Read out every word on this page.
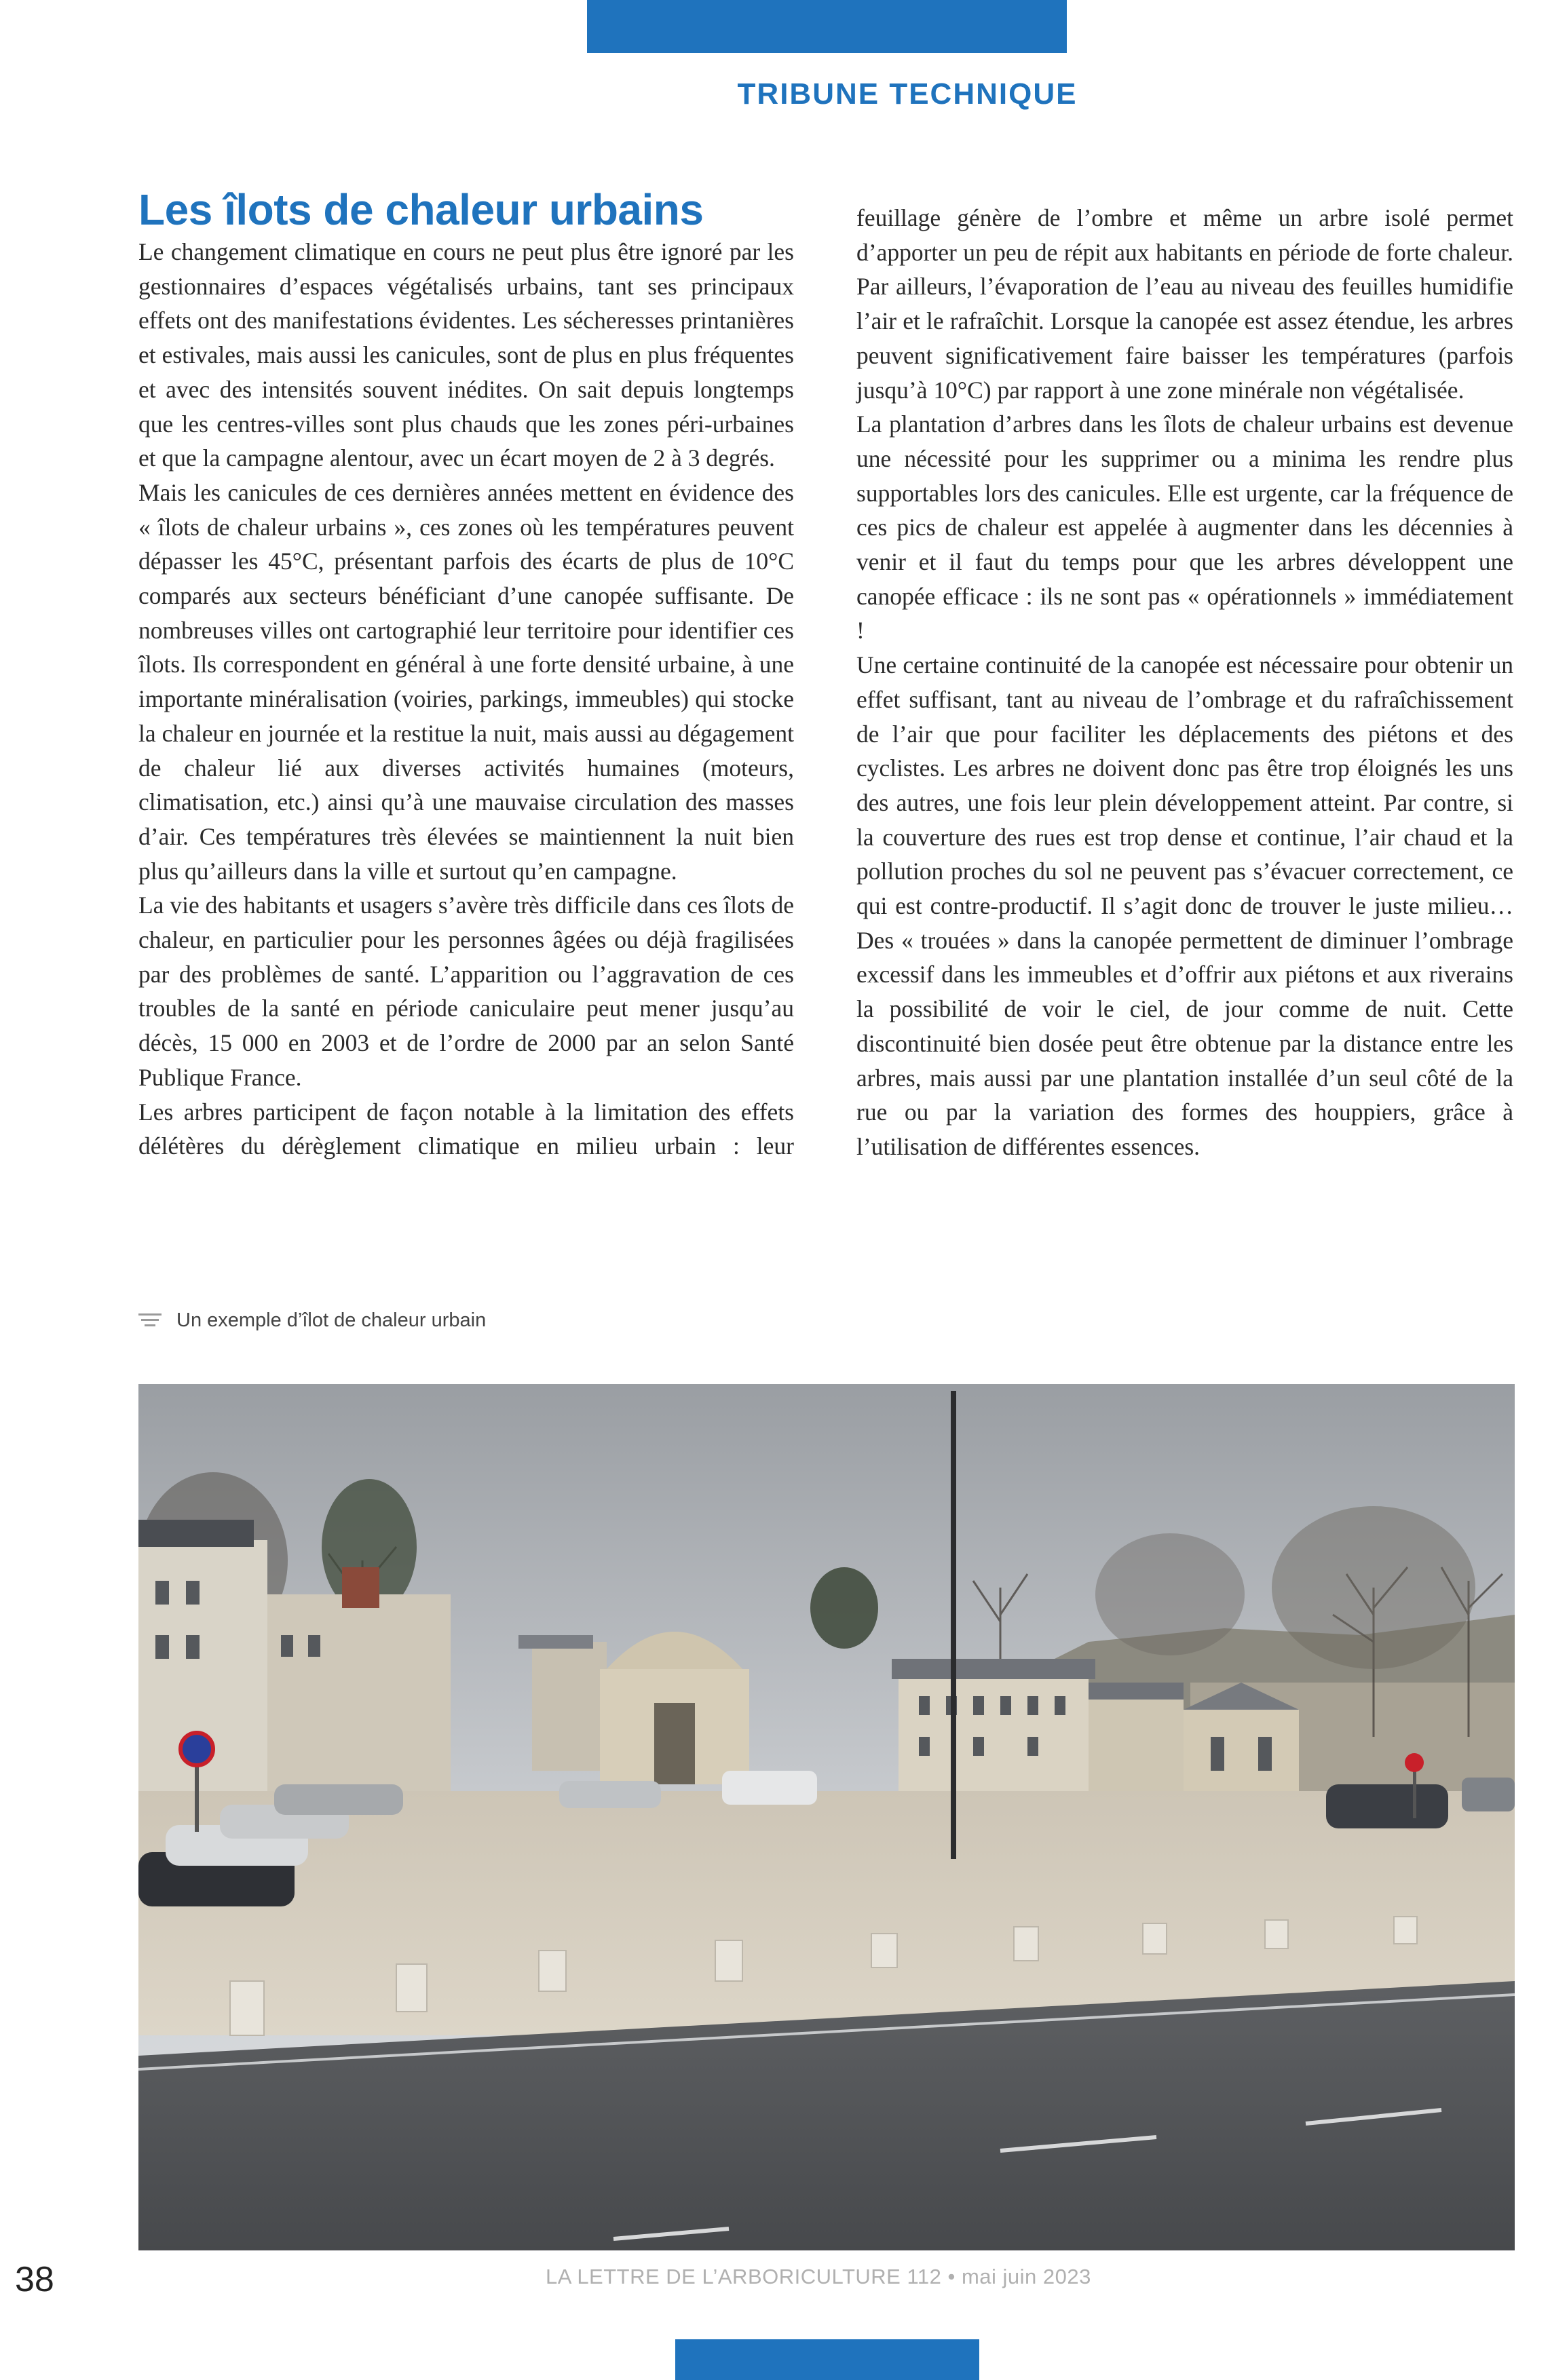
TRIBUNE TECHNIQUE
Les îlots de chaleur urbains

Le changement climatique en cours ne peut plus être ignoré par les gestionnaires d’espaces végétalisés urbains, tant ses principaux effets ont des manifestations évidentes. Les sécheresses printanières et estivales, mais aussi les canicules, sont de plus en plus fréquentes et avec des intensités souvent inédites. On sait depuis longtemps que les centres-villes sont plus chauds que les zones péri-urbaines et que la campagne alentour, avec un écart moyen de 2 à 3 degrés.

Mais les canicules de ces dernières années mettent en évidence des « îlots de chaleur urbains », ces zones où les températures peuvent dépasser les 45°C, présentant parfois des écarts de plus de 10°C comparés aux secteurs bénéficiant d’une canopée suffisante. De nombreuses villes ont cartographié leur territoire pour identifier ces îlots. Ils correspondent en général à une forte densité urbaine, à une importante minéralisation (voiries, parkings, immeubles) qui stocke la chaleur en journée et la restitue la nuit, mais aussi au dégagement de chaleur lié aux diverses activités humaines (moteurs, climatisation, etc.) ainsi qu’à une mauvaise circulation des masses d’air. Ces températures très élevées se maintiennent la nuit bien plus qu’ailleurs dans la ville et surtout qu’en campagne.

La vie des habitants et usagers s’avère très difficile dans ces îlots de chaleur, en particulier pour les personnes âgées ou déjà fragilisées par des problèmes de santé. L’apparition ou l’aggravation de ces troubles de la santé en période caniculaire peut mener jusqu’au décès, 15 000 en 2003 et de l’ordre de 2000 par an selon Santé Publique France.

Les arbres participent de façon notable à la limitation des effets délétères du dérèglement climatique en milieu urbain : leur

feuillage génère de l’ombre et même un arbre isolé permet d’apporter un peu de répit aux habitants en période de forte chaleur. Par ailleurs, l’évaporation de l’eau au niveau des feuilles humidifie l’air et le rafraîchit. Lorsque la canopée est assez étendue, les arbres peuvent significativement faire baisser les températures (parfois jusqu’à 10°C) par rapport à une zone minérale non végétalisée.

La plantation d’arbres dans les îlots de chaleur urbains est devenue une nécessité pour les supprimer ou a minima les rendre plus supportables lors des canicules. Elle est urgente, car la fréquence de ces pics de chaleur est appelée à augmenter dans les décennies à venir et il faut du temps pour que les arbres développent une canopée efficace : ils ne sont pas « opérationnels » immédiatement !

Une certaine continuité de la canopée est nécessaire pour obtenir un effet suffisant, tant au niveau de l’ombrage et du rafraîchissement de l’air que pour faciliter les déplacements des piétons et des cyclistes. Les arbres ne doivent donc pas être trop éloignés les uns des autres, une fois leur plein développement atteint. Par contre, si la couverture des rues est trop dense et continue, l’air chaud et la pollution proches du sol ne peuvent pas s’évacuer correctement, ce qui est contre-productif. Il s’agit donc de trouver le juste milieu… Des « trouées » dans la canopée permettent de diminuer l’ombrage excessif dans les immeubles et d’offrir aux piétons et aux riverains la possibilité de voir le ciel, de jour comme de nuit. Cette discontinuité bien dosée peut être obtenue par la distance entre les arbres, mais aussi par une plantation installée d’un seul côté de la rue ou par la variation des formes des houppiers, grâce à l’utilisation de différentes essences.

Un exemple d’îlot de chaleur urbain
38	LA LETTRE DE L’ARBORICULTURE 112 • mai juin 2023
